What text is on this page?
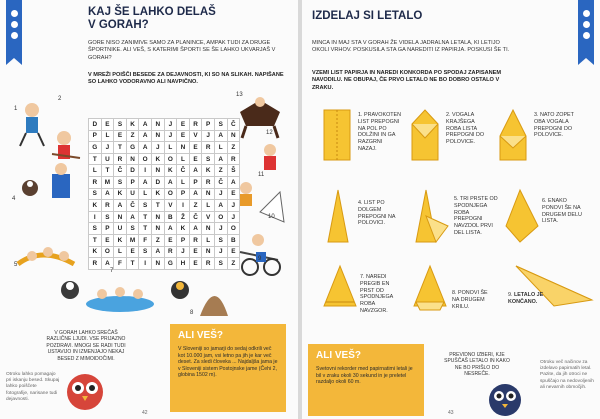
KAJ ŠE LAHKO DELAŠ
V GORAH?
GORE NISO ZANIMIVE SAMO ZA PLANINCE, AMPAK TUDI ZA DRUGE ŠPORTNIKE. ALI VEŠ, S KATERIMI ŠPORTI SE ŠE LAHKO UKVARJAŠ V GORAH?
V MREŽI POIŠČI BESEDE ZA DEJAVNOSTI, KI SO NA SLIKAH. NAPIŠANE SO LAHKO VODORAVNO ALI NAVPIČNO.
D	E	S	K	A	N	J	E	R	P	S	Č
P	L	E	Z	A	N	J	E	V	J	A	N
G	J	T	G	A	J	L	N	E	R	L	Z
T	U	R	N	O	K	O	L	E	S	A	R
L	T	Č	D	I	N	K	Č	A	K	Z	Š
R	M	S	P	A	D	A	L	P	R	Č	A
S	A	K	U	L	K	O	P	A	N	J	E
K	R	A	Č	S	T	V	I	Z	L	A	J
I	S	N	A	T	N	B	Ž	Č	V	O	J
S	P	U	S	T	N	A	K	A	N	J	O
T	E	K	M	F	Z	E	P	R	L	S	B
K	O	L	E	S	A	R	J	E	N	J	E
R	A	F	T	I	N	G	H	E	R	S	Z
1
2
4
5
7
8
9
10
11
12
13
V GORAH LAHKO SREČAŠ RAZLIČNE LJUDI. VSE PRIJAZNO POZDRAVI. MNOGI SE RADI TUDI USTAVIJO IN IZMENJAJO NEKAJ BESED Z MIMOIDOČIMI.
ALI VEŠ?
V Sloveniji so jamarji do sedaj odkrili več kot 10.000 jam, vsi letno pa jih je kar več deset. Za sledi človeka ... Najdaljša jama je v Sloveniji sistem Postojnske jame (Čehi 2, globina 1502 m).
Otroku lahko pomagajo pri iskanju besed. Skupaj lahko poiščete fotografije, narisane tudi dejavnosti.
42
IZDELAJ SI LETALO
MINCA IN MAJ STA V GORAH ŽE VIDELA JADRALNA LETALA, KI LETIJO OKOLI VRHOV. POSKUSILA STA GA NAREDITI IZ PAPIRJA. POSKUSI ŠE TI.
VZEMI LIST PAPIRJA IN NAREDI KONKORDA PO SPODAJ ZAPISANEM NAVODILU. NE OBUPAJ, ČE PRVO LETALO NE BO DOBRO OSTALO V ZRAKU.
1. PRAVOKOTEN LIST PREPOGNI NA POL PO DOLŽINI IN GA RAZGRNI NAZAJ.
2. VOGALA KRAJŠEGA ROBA LISTA PREPOGNI DO POLOVICE.
3. NATO ZOPET OBA VOGALA PREPOGNI DO POLOVICE.
4. LIST PO DOLGEM PREPOGNI NA POLOVICI.
5. TRI PRSTE OD SPODNJEGA ROBA PREPOGNI NAVZDOL PRVI DEL LISTA.
6. ENAKO PONOVI ŠE NA DRUGEM DELU LISTA.
7. NAREDI PREGIB EN PRST OD SPODNJEGA ROBA NAVZGOR.
8. PONOVI ŠE NA DRUGEM KRILU.
9. LETALO JE KONČANO.
ALI VEŠ?
Svetovni rekorder med papirnatimi letali je bil v zraku okoli 30 sekund in je preletel razdaljo okoli 60 m.
PREVIDNO IZBERI, KJE SPUŠČAŠ LETALO IN KAKO NE BO PRIŠLO DO NESREČE.
Otroku več načinov za izdelavo papirnatih letal. Pazite, da jih otroci ne spuščajo na nedovoljenih ali nevarnih območjih.
43
